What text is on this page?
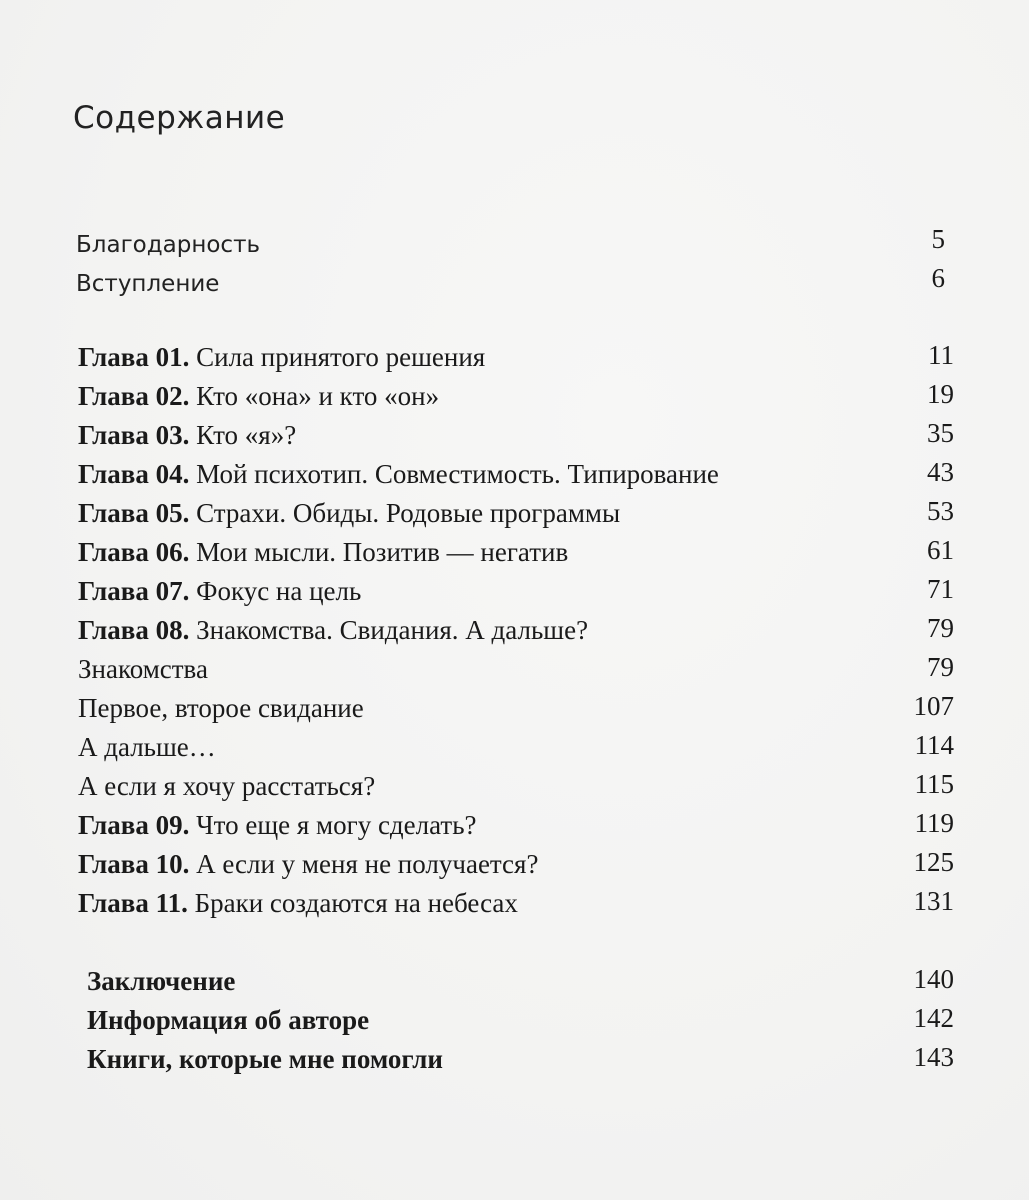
Содержание
Благодарность	5
Вступление	6
Глава 01. Сила принятого решения	11
Глава 02. Кто «она» и кто «он»	19
Глава 03. Кто «я»?	35
Глава 04. Мой психотип. Совместимость. Типирование	43
Глава 05. Страхи. Обиды. Родовые программы	53
Глава 06. Мои мысли. Позитив — негатив	61
Глава 07. Фокус на цель	71
Глава 08. Знакомства. Свидания. А дальше?	79
Знакомства	79
Первое, второе свидание	107
А дальше…	114
А если я хочу расстаться?	115
Глава 09. Что еще я могу сделать?	119
Глава 10. А если у меня не получается?	125
Глава 11. Браки создаются на небесах	131
Заключение	140
Информация об авторе	142
Книги, которые мне помогли	143
